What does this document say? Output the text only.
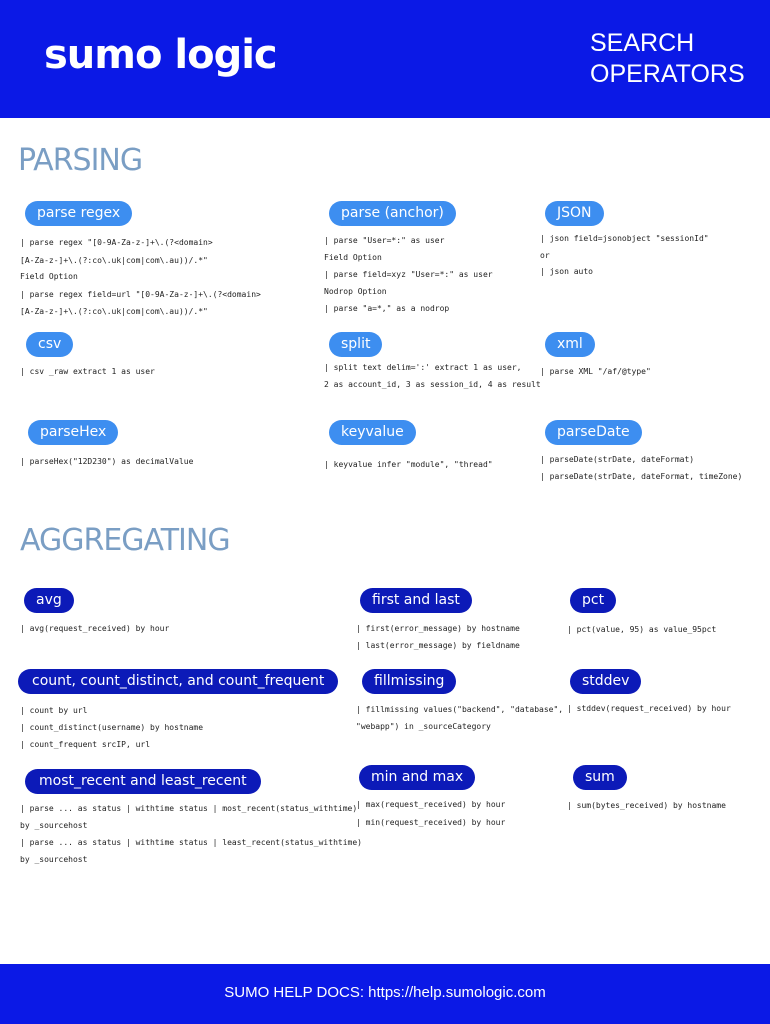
sumo logic	SEARCH
OPERATORS
PARSING
parse regex
| parse regex "[0-9A-Za-z-]+\.(?<domain>
[A-Za-z-]+\.(?:co\.uk|com|com\.au))/.*"
Field Option
| parse regex field=url "[0-9A-Za-z-]+\.(?<domain>
[A-Za-z-]+\.(?:co\.uk|com|com\.au))/.*"
parse (anchor)
| parse "User=*:" as user
Field Option
| parse field=xyz "User=*:" as user
Nodrop Option
| parse "a=*," as a nodrop
JSON
| json field=jsonobject "sessionId"
or
| json auto
csv
| csv _raw extract 1 as user
split
| split text delim=':' extract 1 as user,
2 as account_id, 3 as session_id, 4 as result
xml
| parse XML "/af/@type"
parseHex
| parseHex("12D230") as decimalValue
keyvalue
| keyvalue infer "module", "thread"
parseDate
| parseDate(strDate, dateFormat)
| parseDate(strDate, dateFormat, timeZone)
AGGREGATING
avg
| avg(request_received) by hour
first and last
| first(error_message) by hostname
| last(error_message) by fieldname
pct
| pct(value, 95) as value_95pct
count, count_distinct, and count_frequent
| count by url
| count_distinct(username) by hostname
| count_frequent srcIP, url
fillmissing
| fillmissing values("backend", "database",
"webapp") in _sourceCategory
stddev
| stddev(request_received) by hour
most_recent and least_recent
| parse ... as status | withtime status | most_recent(status_withtime)
by _sourcehost
| parse ... as status | withtime status | least_recent(status_withtime)
by _sourcehost
min and max
| max(request_received) by hour
| min(request_received) by hour
sum
| sum(bytes_received) by hostname
SUMO HELP DOCS: https://help.sumologic.com
